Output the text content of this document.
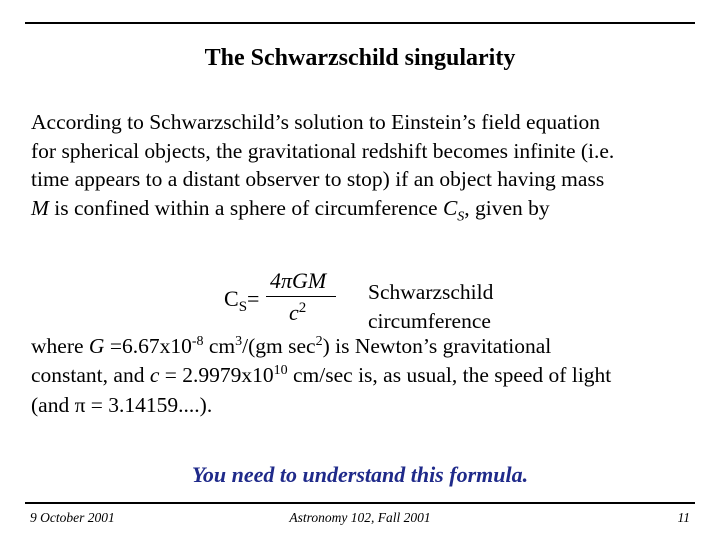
The Schwarzschild singularity
According to Schwarzschild’s solution to Einstein’s field equation
for spherical objects, the gravitational redshift becomes infinite (i.e.
time appears to a distant observer to stop) if an object having mass
M is confined within a sphere of circumference $C_S$, given by
$C_S=$
4πGM
$c^2$
Schwarzschild
circumference
where $G =6.67x10^{-8}$ $cm^3/(gm$ $\sec^2$) is Newton’s gravitational
constant, and $c = 2.9979x10^{10}$ cm/sec is, as usual, the speed of light
(and π = 3.14159....).
You need to understand this formula.
9 October 2001	Astronomy 102, Fall 2001	11
